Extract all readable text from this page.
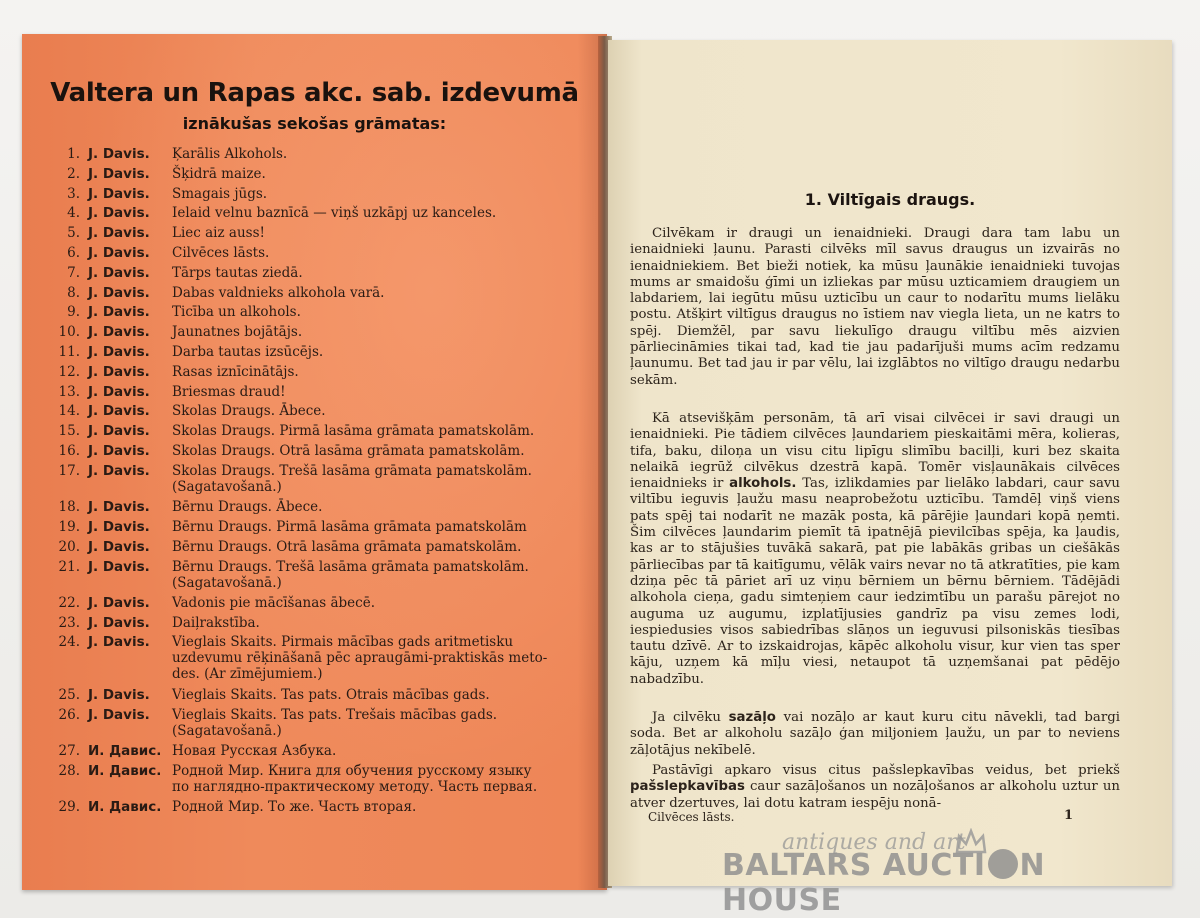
Valtera un Rapas akc. sab. izdevumā
iznākušas sekošas grāmatas:
1. J. Davis.	Ķarālis Alkohols.
2. J. Davis.	Šķidrā maize.
3. J. Davis.	Smagais jūgs.
4. J. Davis.	Ielaid velnu baznīcā — viņš uzkāpj uz kanceles.
5. J. Davis.	Liec aiz auss!
6. J. Davis.	Cilvēces lāsts.
7. J. Davis.	Tārps tautas ziedā.
8. J. Davis.	Dabas valdnieks alkohola varā.
9. J. Davis.	Ticība un alkohols.
10. J. Davis.	Jaunatnes bojātājs.
11. J. Davis.	Darba tautas izsūcējs.
12. J. Davis.	Rasas iznīcinātājs.
13. J. Davis.	Briesmas draud!
14. J. Davis.	Skolas Draugs. Ābece.
15. J. Davis.	Skolas Draugs. Pirmā lasāma grāmata pamatskolām.
16. J. Davis.	Skolas Draugs. Otrā lasāma grāmata pamatskolām.
17. J. Davis.	Skolas Draugs. Trešā lasāma grāmata pamatskolām.
(Sagatavošanā.)
18. J. Davis.	Bērnu Draugs. Ābece.
19. J. Davis.	Bērnu Draugs. Pirmā lasāma grāmata pamatskolām
20. J. Davis.	Bērnu Draugs. Otrā lasāma grāmata pamatskolām.
21. J. Davis.	Bērnu Draugs. Trešā lasāma grāmata pamatskolām.
(Sagatavošanā.)
22. J. Davis.	Vadonis pie mācīšanas ābecē.
23. J. Davis.	Daiļrakstība.
24. J. Davis.	Vieglais Skaits. Pirmais mācības gads aritmetisku
uzdevumu rēķināšanā pēc apraugāmi-praktiskās meto-
des. (Ar zīmējumiem.)
25. J. Davis.	Vieglais Skaits. Tas pats. Otrais mācības gads.
26. J. Davis.	Vieglais Skaits. Tas pats. Trešais mācības gads.
(Sagatavošanā.)
27. И. Давис. Новая Русская Азбука.
28. И. Давис. Родной Мир. Книга для обучения русскому языку
по наглядно-практическому методу. Часть первая.
29. И. Давис. Родной Мир. То же. Часть вторая.
1. Viltīgais draugs.

Cilvēkam ir draugi un ienaidnieki. Draugi dara tam labu un ienaidnieki ļaunu. Parasti cilvēks mīl savus draugus un izvairās no ienaidniekiem. Bet bieži notiek, ka mūsu ļaunākie ienaidnieki tuvojas mums ar smaidošu ģīmi un izliekas par mūsu uzticamiem draugiem un labdariem, lai iegūtu mūsu uzticību un caur to nodarītu mums lielāku postu. Atšķirt viltīgus draugus no īstiem nav viegla lieta, un ne katrs to spēj. Diemžēl, par savu liekulīgo draugu viltību mēs aizvien pārliecināmies tikai tad, kad tie jau padarījuši mums acīm redzamu ļaunumu. Bet tad jau ir par vēlu, lai izglābtos no viltīgo draugu nedarbu sekām.

Kā atsevišķām personām, tā arī visai cilvēcei ir savi draugi un ienaidnieki. Pie tādiem cilvēces ļaundariem pieskaitāmi mēra, kolieras, tifa, baku, diloņa un visu citu lipīgu slimību bacilļi, kuri bez skaita nelaikā iegrūž cilvēkus dzestrā kapā. Tomēr visļaunākais cilvēces ienaidnieks ir alkohols. Tas, izlikdamies par lielāko labdari, caur savu viltību ieguvis ļaužu masu neaprobežotu uzticību. Tamdēļ viņš viens pats spēj tai nodarīt ne mazāk posta, kā pārējie ļaundari kopā ņemti. Šim cilvēces ļaundarim piemīt tā ipatnējā pievilcības spēja, ka ļaudis, kas ar to stājušies tuvākā sakarā, pat pie labākās gribas un ciešākās pārliecības par tā kaitīgumu, vēlāk vairs nevar no tā atkratīties, pie kam dziņa pēc tā pāriet arī uz viņu bērniem un bērnu bērniem. Tādējādi alkohola cieņa, gadu simteņiem caur iedzimtību un parašu pārejot no auguma uz augumu, izplatījusies gandrīz pa visu zemes lodi, iespiedusies visos sabiedrības slāņos un ieguvusi pilsoniskās tiesības tautu dzīvē. Ar to izskaidrojas, kāpēc alkoholu visur, kur vien tas sper kāju, uzņem kā mīļu viesi, netaupot tā uzņemšanai pat pēdējo nabadzību.

Ja cilvēku sazāļo vai nozāļo ar kaut kuru citu nāvekli, tad bargi soda. Bet ar alkoholu sazāļo ģan miljoniem ļaužu, un par to neviens zāļotājus nekībelē.

Pastāvīgi apkaro visus citus pašslepkavības veidus, bet priekš pašslepkavības caur sazāļošanos un nozāļošanos ar alkoholu uztur un atver dzertuves, lai dotu katram iespēju nonā-

Cilvēces lāsts.	1
antiques and art
BALTARS AUCTI N HOUSE
